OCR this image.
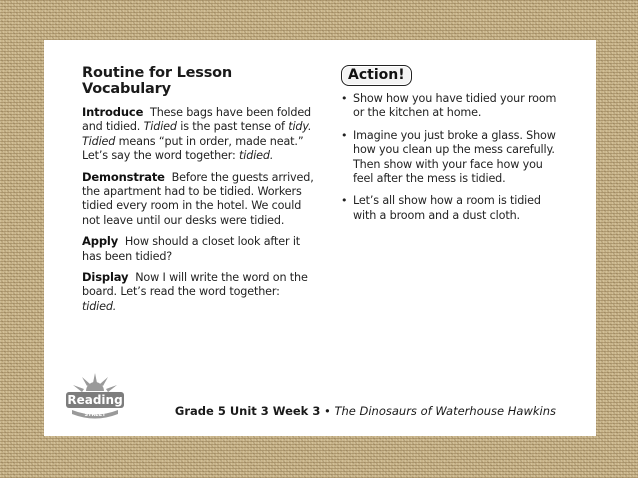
Routine for Lesson Vocabulary

Introduce These bags have been folded and tidied. Tidied is the past tense of tidy. Tidied means “put in order, made neat.” Let’s say the word together: tidied.

Demonstrate Before the guests arrived, the apartment had to be tidied. Workers tidied every room in the hotel. We could not leave until our desks were tidied.

Apply How should a closet look after it has been tidied?

Display Now I will write the word on the board. Let’s read the word together: tidied.

Action!
• Show how you have tidied your room or the kitchen at home.
• Imagine you just broke a glass. Show how you clean up the mess carefully. Then show with your face how you feel after the mess is tidied.
• Let’s all show how a room is tidied with a broom and a dust cloth.
Reading
STREET	Grade 5 Unit 3 Week 3 • The Dinosaurs of Waterhouse Hawkins
